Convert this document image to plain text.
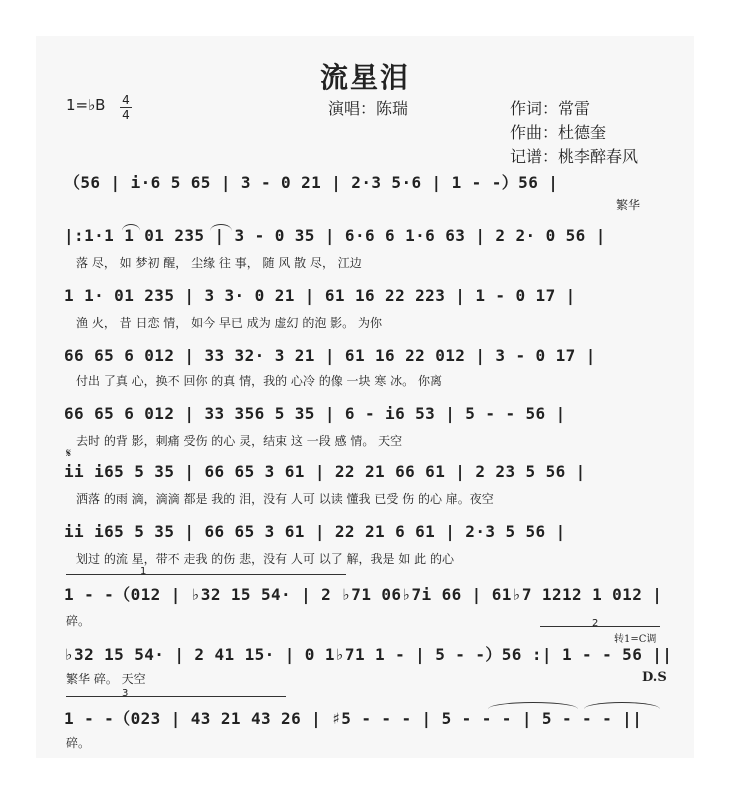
流星泪
1=♭B 4
4	演唱：陈瑞	作词：常雷
作曲：杜德奎
记谱：桃李醉春风
（56 | i·6 5 65 | 3 - 0 21 | 2·3 5·6 | 1 - -）56 |
繁华
|:1·1 1 01 235 | 3 - 0 35 | 6·6 6 1·6 63 | 2 2· 0 56 |
落 尽， 如 梦初 醒， 尘缘 往 事， 随 风 散 尽， 江边
1 1· 01 235 | 3 3· 0 21 | 61 16 22 223 | 1 - 0 17 |
渔 火， 昔 日恋 情， 如今 早已 成为 虚幻 的泡 影。 为你
66 65 6 012 | 33 32· 3 21 | 61 16 22 012 | 3 - 0 17 |
付出 了真 心，换不 回你 的真 情，我的 心冷 的像 一块 寒 冰。 你离
66 65 6 012 | 33 356 5 35 | 6 - i6 53 | 5 - - 56 |
去时 的背 影，刺痛 受伤 的心 灵，结束 这 一段 感 情。 天空
𝄋
ii i65 5 35 | 66 65 3 61 | 22 21 66 61 | 2 23 5 56 |
洒落 的雨 滴，滴滴 都是 我的 泪，没有 人可 以读 懂我 已受 伤 的心 扉。夜空
ii i65 5 35 | 66 65 3 61 | 22 21 6 61 | 2·3 5 56 |
划过 的流 星，带不 走我 的伤 悲，没有 人可 以了 解，我是 如 此 的心
1
1 - -（012 | ♭32 15 54· | 2 ♭71 06♭7i 66 | 61♭7 1212 1 012 |
碎。	2
转1=C调
♭32 15 54· | 2 41 15· | 0 1♭71 1 - | 5 - -）56 :| 1 - - 56 ||
繁华 碎。 天空	D.S
3
1 - -（023 | 43 21 43 26 | ♯5 - - - | 5 - - - | 5 - - - ||
碎。
